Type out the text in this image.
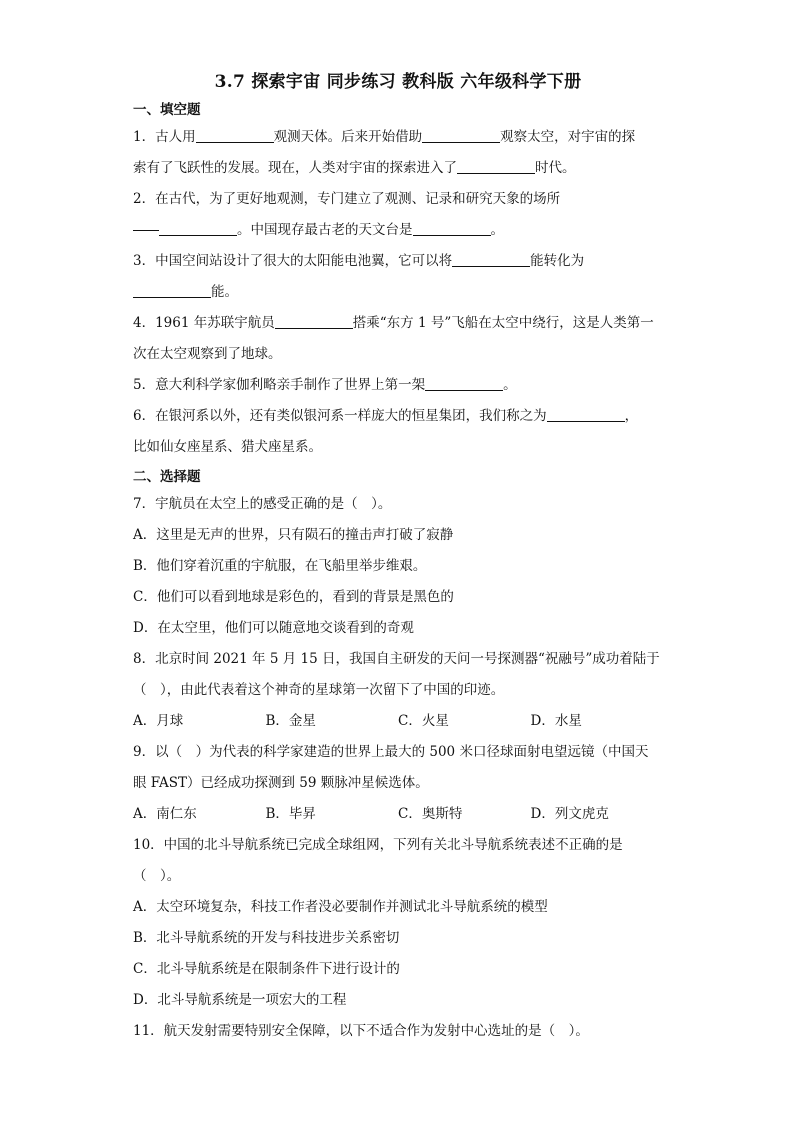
3.7 探索宇宙 同步练习 教科版 六年级科学下册

一、填空题

1．古人用	观测天体。后来开始借助	观察太空，对宇宙的探
索有了飞跃性的发展。现在，人类对宇宙的探索进入了	时代。

2．在古代，为了更好地观测，专门建立了观测、记录和研究天象的场所
。中国现存最古老的天文台是	。

3．中国空间站设计了很大的太阳能电池翼，它可以将	能转化为
能。

4．1961 年苏联宇航员	搭乘“东方 1 号”飞船在太空中绕行，这是人类第一
次在太空观察到了地球。

5．意大利科学家伽利略亲手制作了世界上第一架	。

6．在银河系以外，还有类似银河系一样庞大的恒星集团，我们称之为	，
比如仙女座星系、猎犬座星系。

二、选择题

7．宇航员在太空上的感受正确的是（　）。

A．这里是无声的世界，只有陨石的撞击声打破了寂静

B．他们穿着沉重的宇航服，在飞船里举步维艰。

C．他们可以看到地球是彩色的，看到的背景是黑色的

D．在太空里，他们可以随意地交谈看到的奇观

8．北京时间 2021 年 5 月 15 日，我国自主研发的天问一号探测器“祝融号”成功着陆于
（　），由此代表着这个神奇的星球第一次留下了中国的印迹。

A．月球	B．金星	C．火星	D．水星

9．以（　）为代表的科学家建造的世界上最大的 500 米口径球面射电望远镜（中国天
眼 FAST）已经成功探测到 59 颗脉冲星候选体。

A．南仁东	B．毕昇	C．奥斯特	D．列文虎克

10．中国的北斗导航系统已完成全球组网，下列有关北斗导航系统表述不正确的是
（　）。

A．太空环境复杂，科技工作者没必要制作并测试北斗导航系统的模型

B．北斗导航系统的开发与科技进步关系密切

C．北斗导航系统是在限制条件下进行设计的

D．北斗导航系统是一项宏大的工程

11．航天发射需要特别安全保障，以下不适合作为发射中心选址的是（　）。
